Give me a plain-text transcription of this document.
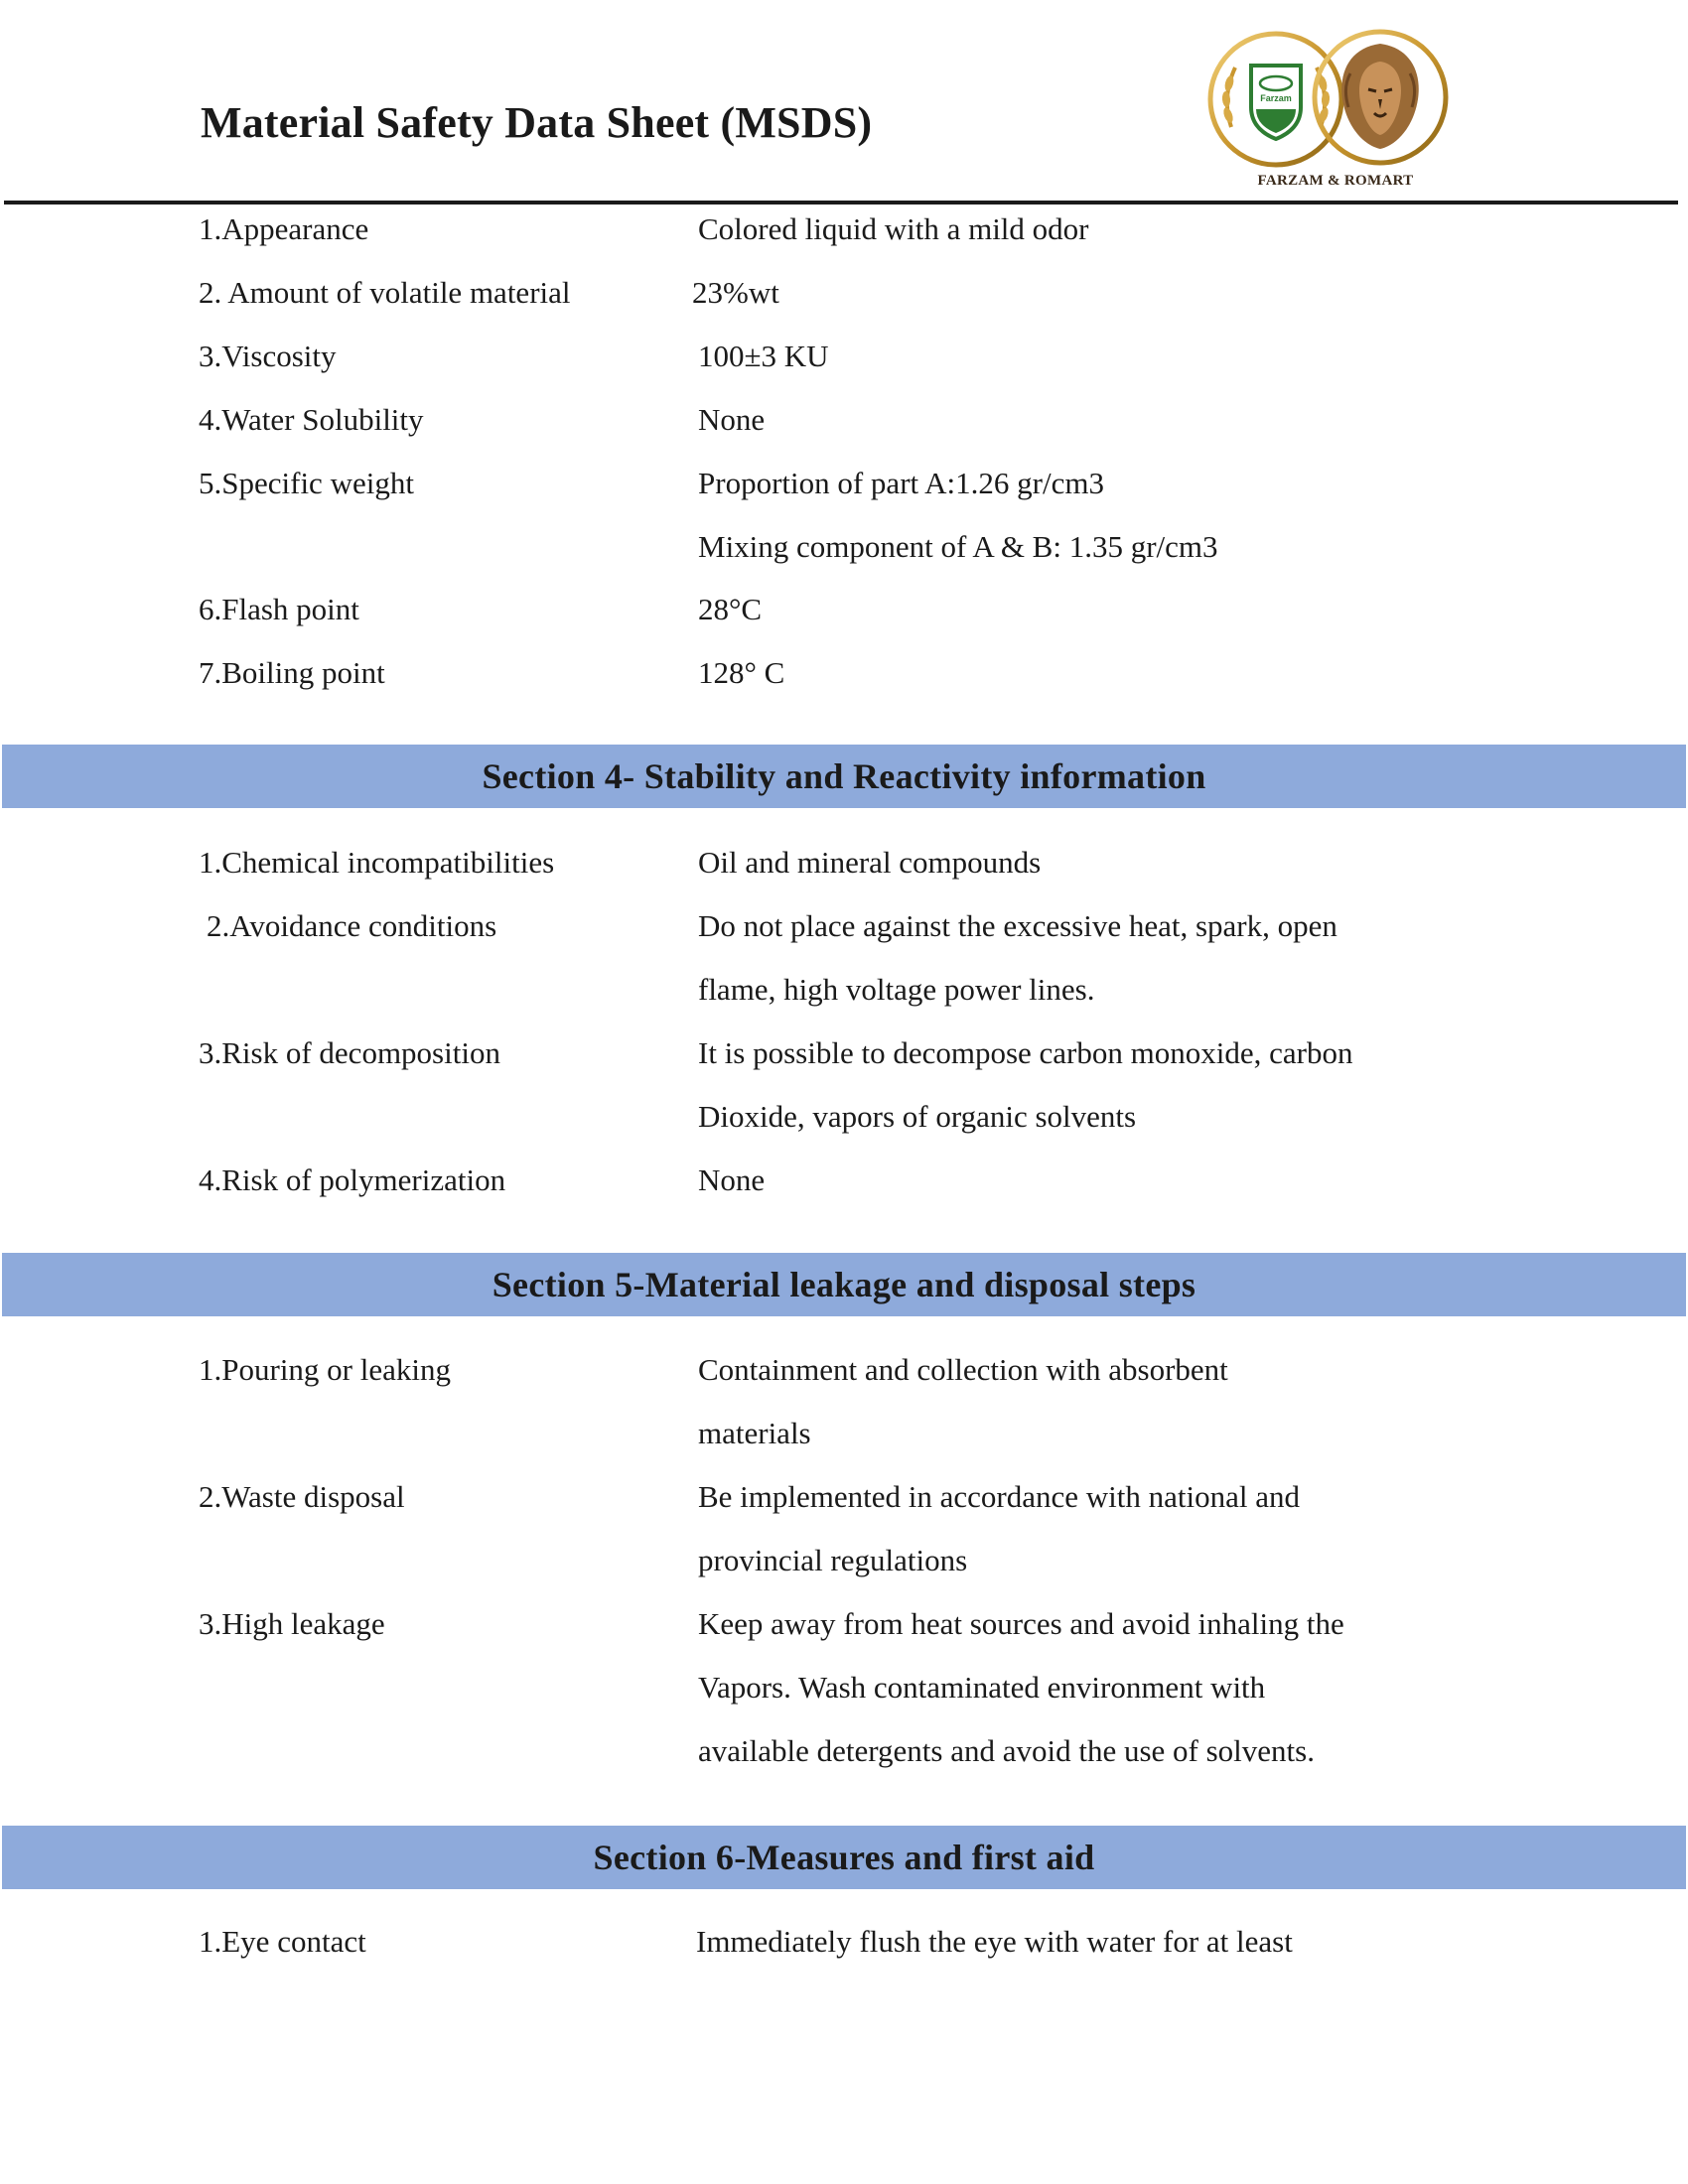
Material Safety Data Sheet (MSDS)	Farzam
FARZAM & ROMART
1.Appearance	Colored liquid with a mild odor
2. Amount of volatile material	23%wt
3.Viscosity	100±3 KU
4.Water Solubility	None
5.Specific weight	Proportion of part A:1.26 gr/cm3
Mixing component of A & B: 1.35 gr/cm3
6.Flash point	28°C
7.Boiling point	128° C
Section 4- Stability and Reactivity information
1.Chemical incompatibilities	Oil and mineral compounds
2.Avoidance conditions	Do not place against the excessive heat, spark, open
flame, high voltage power lines.
3.Risk of decomposition	It is possible to decompose carbon monoxide, carbon
Dioxide, vapors of organic solvents
4.Risk of polymerization	None
Section 5-Material leakage and disposal steps
1.Pouring or leaking	Containment and collection with absorbent
materials
2.Waste disposal	Be implemented in accordance with national and
provincial regulations
3.High leakage	Keep away from heat sources and avoid inhaling the
Vapors. Wash contaminated environment with
available detergents and avoid the use of solvents.
Section 6-Measures and first aid
1.Eye contact	Immediately flush the eye with water for at least
